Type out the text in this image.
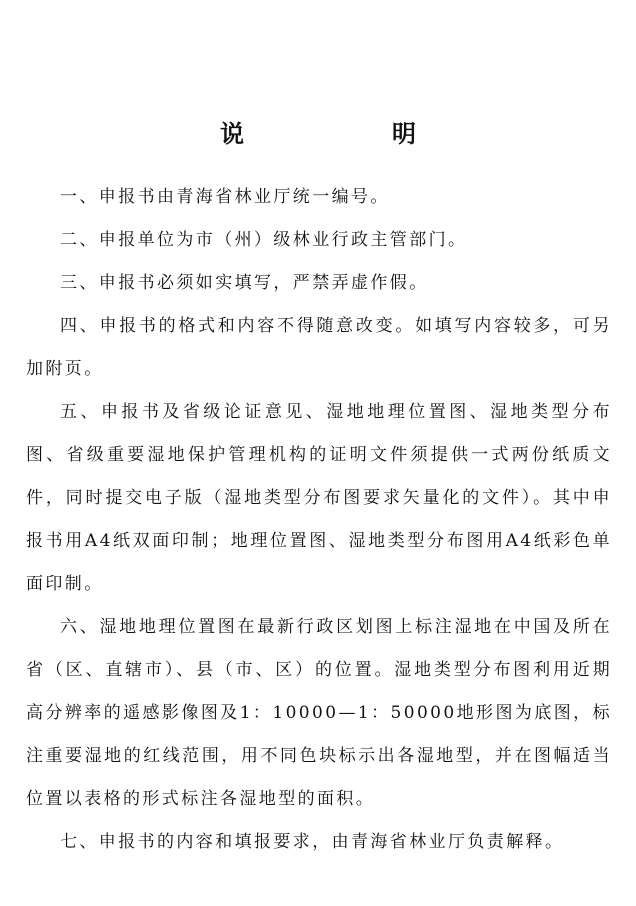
说　明

一、申报书由青海省林业厅统一编号。

二、申报单位为市（州）级林业行政主管部门。

三、申报书必须如实填写，严禁弄虚作假。

四、申报书的格式和内容不得随意改变。如填写内容较多，可另加附页。

五、申报书及省级论证意见、湿地地理位置图、湿地类型分布图、省级重要湿地保护管理机构的证明文件须提供一式两份纸质文件，同时提交电子版（湿地类型分布图要求矢量化的文件）。其中申报书用A4纸双面印制；地理位置图、湿地类型分布图用A4纸彩色单面印制。

六、湿地地理位置图在最新行政区划图上标注湿地在中国及所在省（区、直辖市）、县（市、区）的位置。湿地类型分布图利用近期高分辨率的遥感影像图及1：10000—1：50000地形图为底图，标注重要湿地的红线范围，用不同色块标示出各湿地型，并在图幅适当位置以表格的形式标注各湿地型的面积。

七、申报书的内容和填报要求，由青海省林业厅负责解释。
